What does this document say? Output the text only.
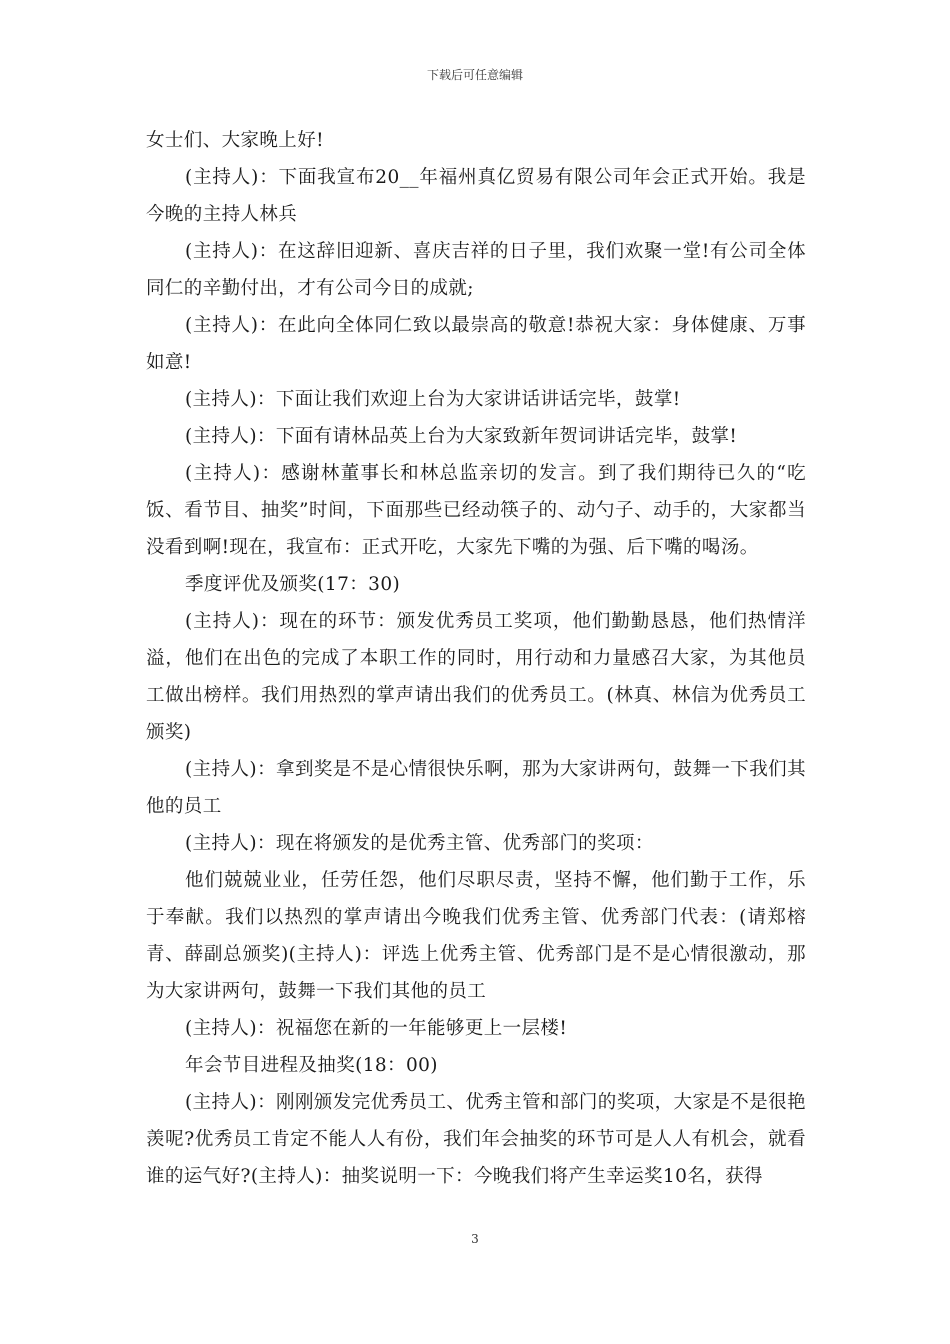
下载后可任意编辑

女士们、大家晚上好!

(主持人)：下面我宣布20__年福州真亿贸易有限公司年会正式开始。我是今晚的主持人林兵

(主持人)：在这辞旧迎新、喜庆吉祥的日子里，我们欢聚一堂!有公司全体同仁的辛勤付出，才有公司今日的成就;

(主持人)：在此向全体同仁致以最崇高的敬意!恭祝大家：身体健康、万事如意!

(主持人)：下面让我们欢迎上台为大家讲话讲话完毕，鼓掌!

(主持人)：下面有请林品英上台为大家致新年贺词讲话完毕，鼓掌!

(主持人)：感谢林董事长和林总监亲切的发言。到了我们期待已久的“吃饭、看节目、抽奖”时间，下面那些已经动筷子的、动勺子、动手的，大家都当没看到啊!现在，我宣布：正式开吃，大家先下嘴的为强、后下嘴的喝汤。

季度评优及颁奖(17：30)

(主持人)：现在的环节：颁发优秀员工奖项，他们勤勤恳恳，他们热情洋溢，他们在出色的完成了本职工作的同时，用行动和力量感召大家，为其他员工做出榜样。我们用热烈的掌声请出我们的优秀员工。(林真、林信为优秀员工颁奖)

(主持人)：拿到奖是不是心情很快乐啊，那为大家讲两句，鼓舞一下我们其他的员工

(主持人)：现在将颁发的是优秀主管、优秀部门的奖项：

他们兢兢业业，任劳任怨，他们尽职尽责，坚持不懈，他们勤于工作，乐于奉献。我们以热烈的掌声请出今晚我们优秀主管、优秀部门代表：(请郑榕青、薛副总颁奖)(主持人)：评选上优秀主管、优秀部门是不是心情很激动，那为大家讲两句，鼓舞一下我们其他的员工

(主持人)：祝福您在新的一年能够更上一层楼!

年会节目进程及抽奖(18：00)

(主持人)：刚刚颁发完优秀员工、优秀主管和部门的奖项，大家是不是很艳羡呢?优秀员工肯定不能人人有份，我们年会抽奖的环节可是人人有机会，就看谁的运气好?(主持人)：抽奖说明一下：今晚我们将产生幸运奖10名，获得

3
